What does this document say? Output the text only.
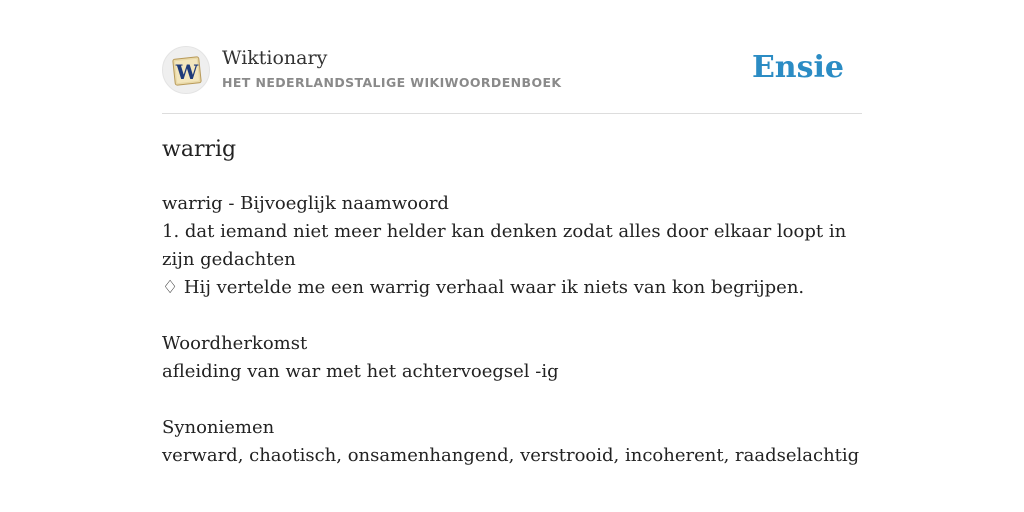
W
Wiktionary
HET NEDERLANDSTALIGE WIKIWOORDENBOEK	Ensie
warrig
warrig - Bijvoeglijk naamwoord
1. dat iemand niet meer helder kan denken zodat alles door elkaar loopt in zijn gedachten
♢ Hij vertelde me een warrig verhaal waar ik niets van kon begrijpen.
Woordherkomst
afleiding van war met het achtervoegsel -ig
Synoniemen
verward, chaotisch, onsamenhangend, verstrooid, incoherent, raadselachtig
